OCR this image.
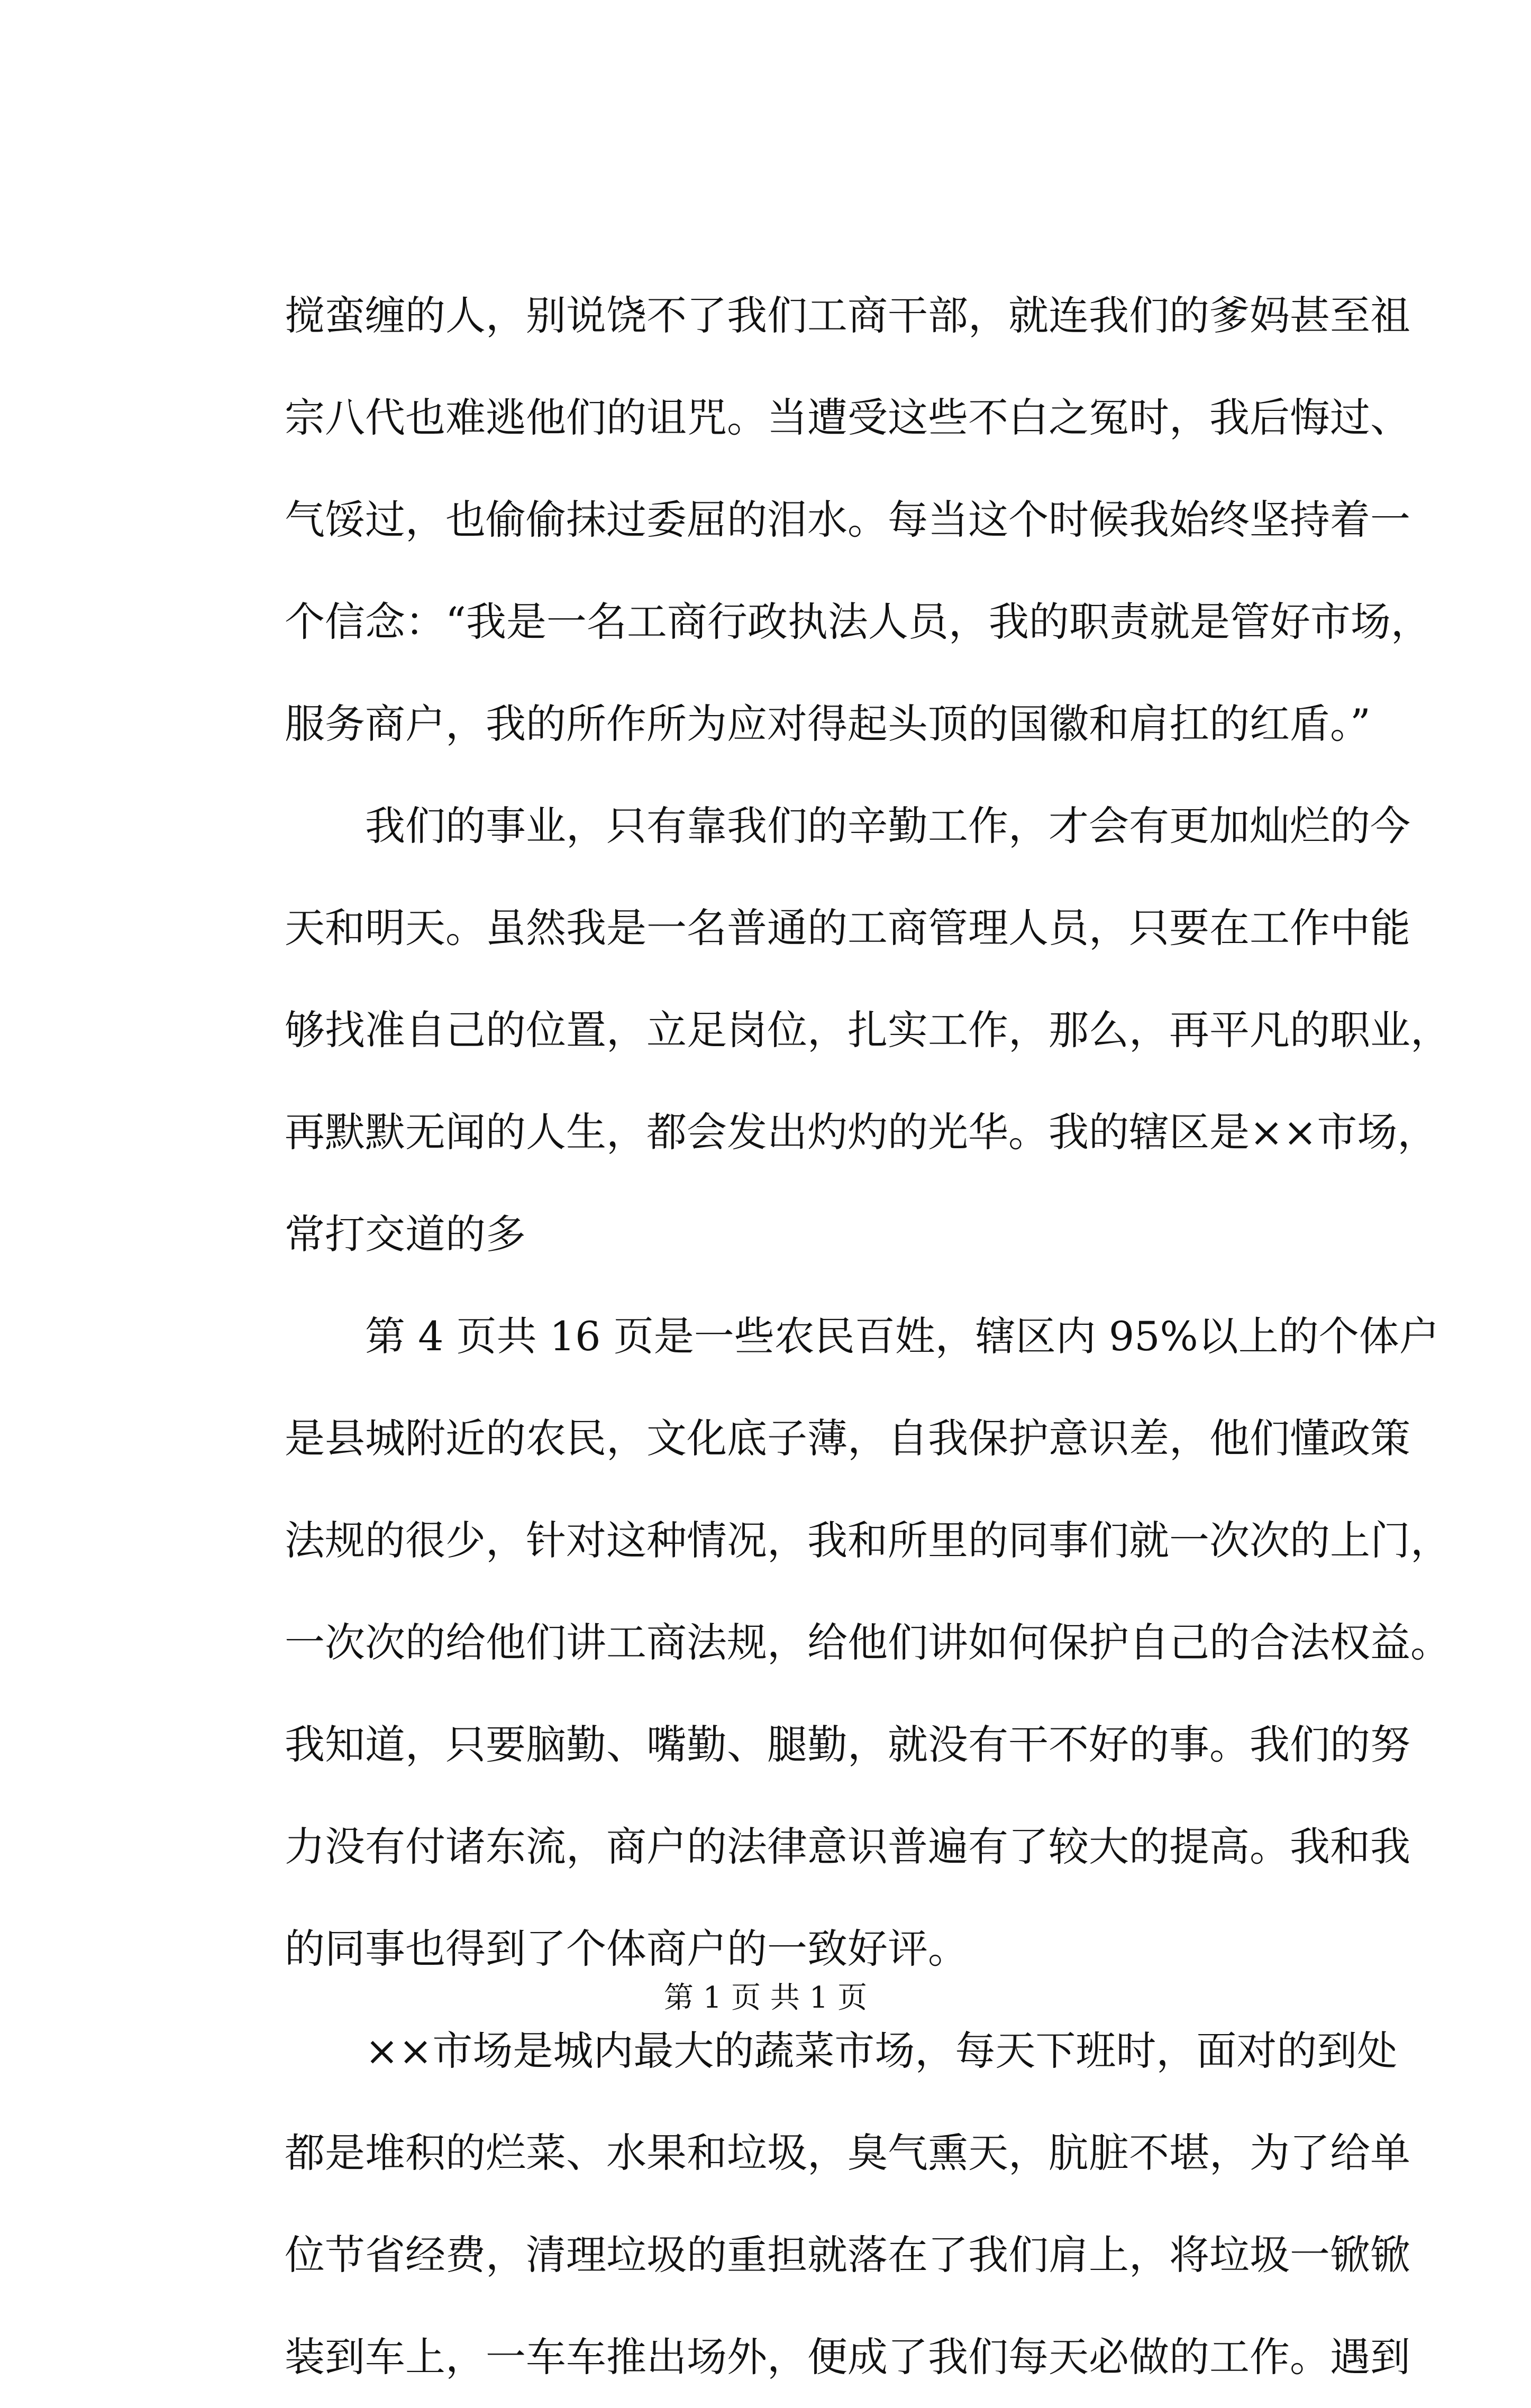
搅蛮缠的人，别说饶不了我们工商干部，就连我们的爹妈甚至祖
宗八代也难逃他们的诅咒。当遭受这些不白之冤时，我后悔过、
气馁过，也偷偷抹过委屈的泪水。每当这个时候我始终坚持着一
个信念：“我是一名工商行政执法人员，我的职责就是管好市场，
服务商户，我的所作所为应对得起头顶的国徽和肩扛的红盾。”
我们的事业，只有靠我们的辛勤工作，才会有更加灿烂的今
天和明天。虽然我是一名普通的工商管理人员，只要在工作中能
够找准自己的位置，立足岗位，扎实工作，那么，再平凡的职业，
再默默无闻的人生，都会发出灼灼的光华。我的辖区是××市场，
常打交道的多
第 4 页共 16 页是一些农民百姓，辖区内 95%以上的个体户
是县城附近的农民，文化底子薄，自我保护意识差，他们懂政策
法规的很少，针对这种情况，我和所里的同事们就一次次的上门，
一次次的给他们讲工商法规，给他们讲如何保护自己的合法权益。
我知道，只要脑勤、嘴勤、腿勤，就没有干不好的事。我们的努
力没有付诸东流，商户的法律意识普遍有了较大的提高。我和我
的同事也得到了个体商户的一致好评。
××市场是城内最大的蔬菜市场，每天下班时，面对的到处
都是堆积的烂菜、水果和垃圾，臭气熏天，肮脏不堪，为了给单
位节省经费，清理垃圾的重担就落在了我们肩上，将垃圾一锨锨
装到车上，一车车推出场外，便成了我们每天必做的工作。遇到
第 1 页 共 1 页
